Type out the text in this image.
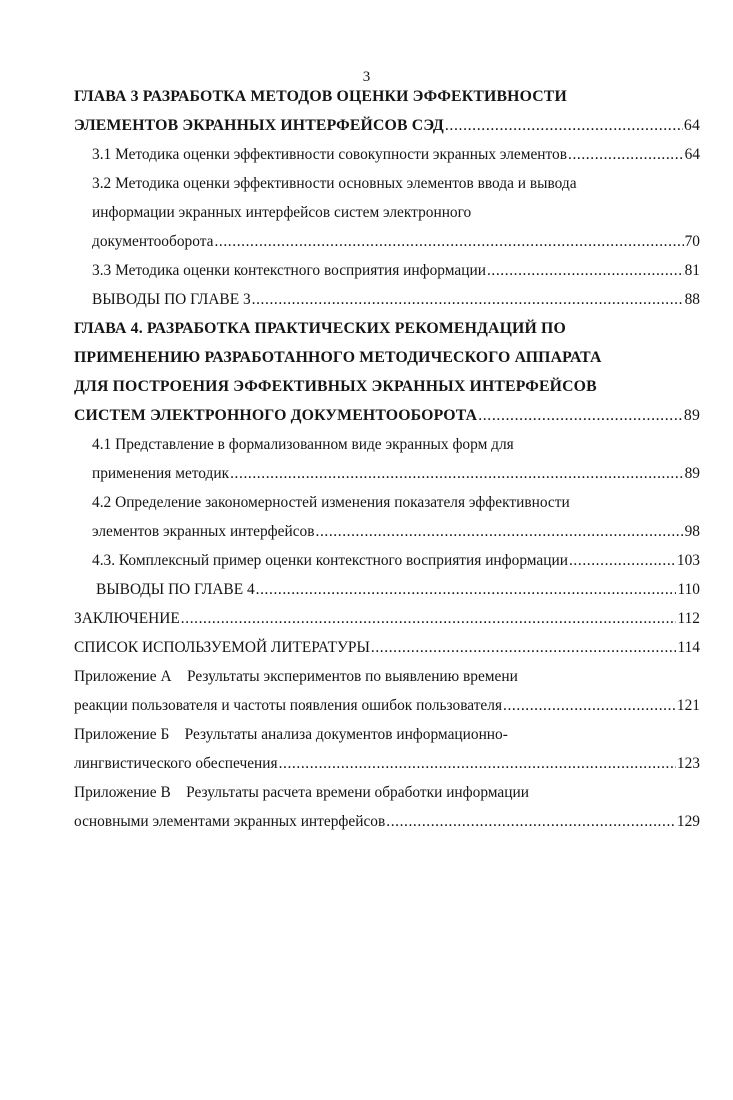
3
ГЛАВА 3 РАЗРАБОТКА МЕТОДОВ ОЦЕНКИ ЭФФЕКТИВНОСТИ
ЭЛЕМЕНТОВ ЭКРАННЫХ ИНТЕРФЕЙСОВ СЭД .....	64
3.1 Методика оценки эффективности совокупности экранных элементов .....	64
3.2 Методика оценки эффективности основных элементов ввода и вывода
информации экранных интерфейсов систем электронного
документооборота .....	70
3.3 Методика оценки контекстного восприятия информации .....	81
ВЫВОДЫ ПО ГЛАВЕ 3 .....	88
ГЛАВА 4. РАЗРАБОТКА ПРАКТИЧЕСКИХ РЕКОМЕНДАЦИЙ ПО
ПРИМЕНЕНИЮ РАЗРАБОТАННОГО МЕТОДИЧЕСКОГО АППАРАТА
ДЛЯ ПОСТРОЕНИЯ ЭФФЕКТИВНЫХ ЭКРАННЫХ ИНТЕРФЕЙСОВ
СИСТЕМ ЭЛЕКТРОННОГО ДОКУМЕНТООБОРОТА .....	89
4.1 Представление в формализованном виде экранных форм для
применения методик .....	89
4.2 Определение закономерностей изменения показателя эффективности
элементов экранных интерфейсов .....	98
4.3. Комплексный пример оценки контекстного восприятия информации .....	103
ВЫВОДЫ ПО ГЛАВЕ 4 .....	110
ЗАКЛЮЧЕНИЕ .....	112
СПИСОК ИСПОЛЬЗУЕМОЙ ЛИТЕРАТУРЫ .....	114
Приложение А    Результаты экспериментов по выявлению времени
реакции пользователя и частоты появления ошибок пользователя .....	121
Приложение Б    Результаты анализа документов информационно-
лингвистического обеспечения .....	123
Приложение В    Результаты расчета времени обработки информации
основными элементами экранных интерфейсов .....	129
